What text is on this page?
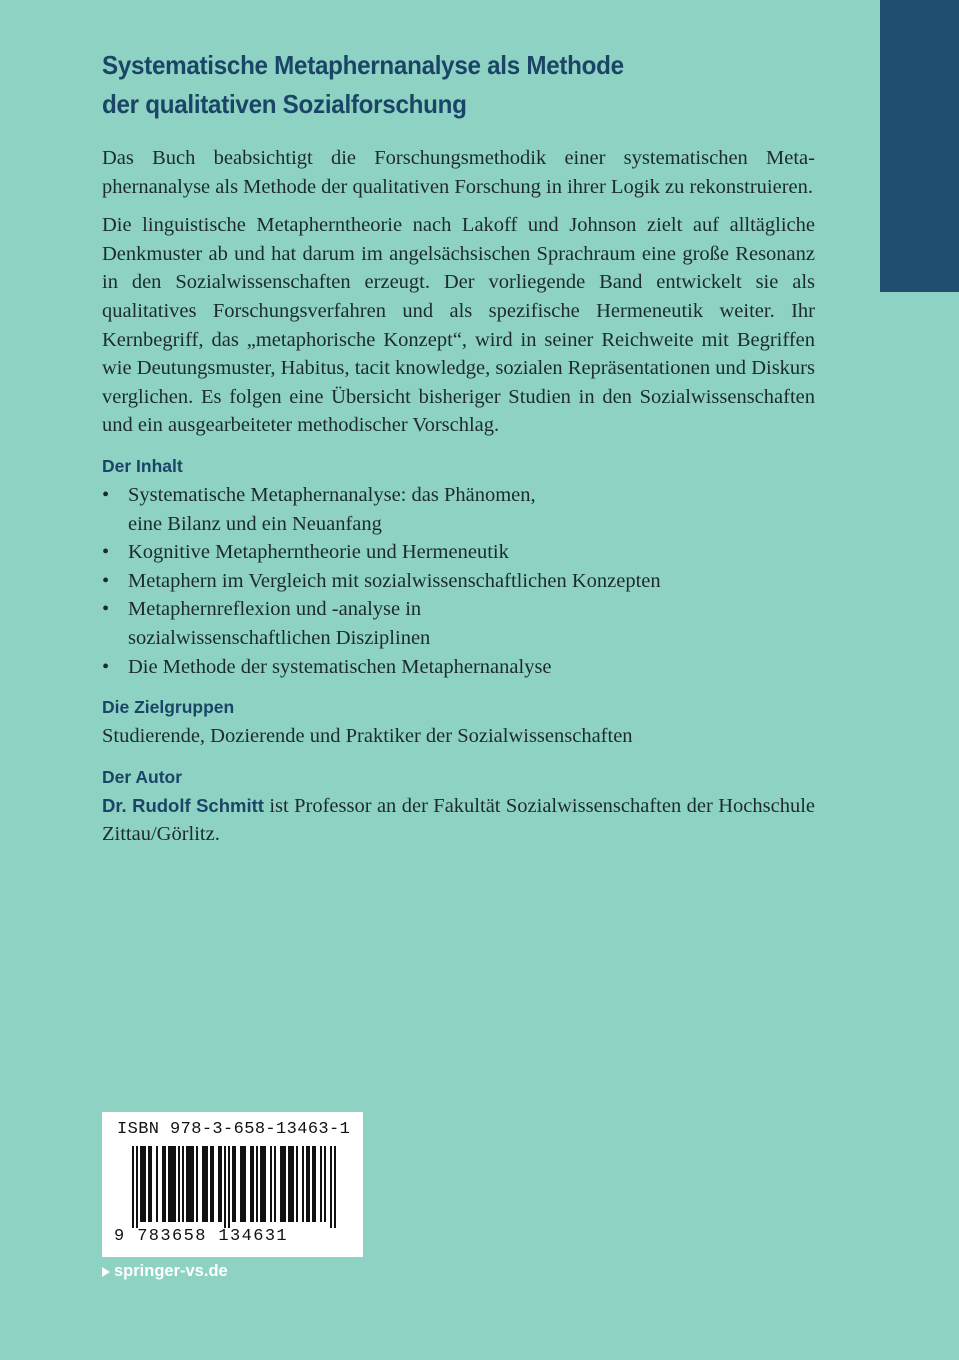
Systematische Metaphernanalyse als Methode
der qualitativen Sozialforschung

Das Buch beabsichtigt die Forschungsmethodik einer systematischen Metaphernanalyse als Methode der qualitativen Forschung in ihrer Logik zu rekonstruieren.

Die linguistische Metapherntheorie nach Lakoff und Johnson zielt auf alltägliche Denkmuster ab und hat darum im angelsächsischen Sprachraum eine große Resonanz in den Sozialwissenschaften erzeugt. Der vorliegende Band entwickelt sie als qualitatives Forschungsverfahren und als spezifische Hermeneutik weiter. Ihr Kernbegriff, das „metaphorische Konzept“, wird in seiner Reichweite mit Begriffen wie Deutungsmuster, Habitus, tacit knowledge, sozialen Repräsentationen und Diskurs verglichen. Es folgen eine Übersicht bisheriger Studien in den Sozialwissenschaften und ein ausgearbeiteter methodischer Vorschlag.

Der Inhalt
• Systematische Metaphernanalyse: das Phänomen,
eine Bilanz und ein Neuanfang
• Kognitive Metapherntheorie und Hermeneutik
• Metaphern im Vergleich mit sozialwissenschaftlichen Konzepten
• Metaphernreflexion und -analyse in
sozialwissenschaftlichen Disziplinen
• Die Methode der systematischen Metaphernanalyse
Die Zielgruppen

Studierende, Dozierende und Praktiker der Sozialwissenschaften

Der Autor

Dr. Rudolf Schmitt ist Professor an der Fakultät Sozialwissenschaften der Hochschule Zittau/Görlitz.

ISBN 978-3-658-13463-1
9 783658 134631
springer-vs.de
